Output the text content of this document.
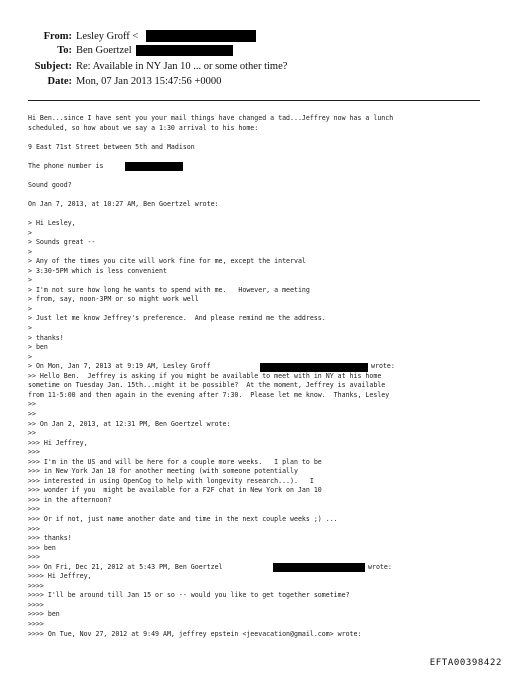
From: Lesley Groff <
To: Ben Goertzel
Subject: Re: Available in NY Jan 10 ... or some other time?
Date: Mon, 07 Jan 2013 15:47:56 +0000
Hi Ben...since I have sent you your mail things have changed a tad...Jeffrey now has a lunch
scheduled, so how about we say a 1:30 arrival to his home:
9 East 71st Street between 5th and Madison
The phone number is
Sound good?
On Jan 7, 2013, at 10:27 AM, Ben Goertzel wrote:
> Hi Lesley,
>
> Sounds great --
>
> Any of the times you cite will work fine for me, except the interval
> 3:30-5PM which is less convenient
>
> I'm not sure how long he wants to spend with me.   However, a meeting
> from, say, noon-3PM or so might work well
>
> Just let me know Jeffrey's preference.  And please remind me the address.
>
> thanks!
> ben
>
> On Mon, Jan 7, 2013 at 9:19 AM, Lesley Groff	wrote:
>> Hello Ben.  Jeffrey is asking if you might be available to meet with in NY at his home
sometime on Tuesday Jan. 15th...might it be possible?  At the moment, Jeffrey is available
from 11-5:00 and then again in the evening after 7:30.  Please let me know.  Thanks, Lesley
>>
>>
>> On Jan 2, 2013, at 12:31 PM, Ben Goertzel wrote:
>>
>>> Hi Jeffrey,
>>>
>>> I'm in the US and will be here for a couple more weeks.   I plan to be
>>> in New York Jan 10 for another meeting (with someone potentially
>>> interested in using OpenCog to help with longevity research...).   I
>>> wonder if you  might be available for a F2F chat in New York on Jan 10
>>> in the afternoon?
>>>
>>> Or if not, just name another date and time in the next couple weeks ;) ...
>>>
>>> thanks!
>>> ben
>>>
>>> On Fri, Dec 21, 2012 at 5:43 PM, Ben Goertzel	wrote:
>>>> Hi Jeffrey,
>>>>
>>>> I'll be around till Jan 15 or so -- would you like to get together sometime?
>>>>
>>>> ben
>>>>
>>>> On Tue, Nov 27, 2012 at 9:49 AM, jeffrey epstein <jeevacation@gmail.com> wrote:
EFTA00398422
